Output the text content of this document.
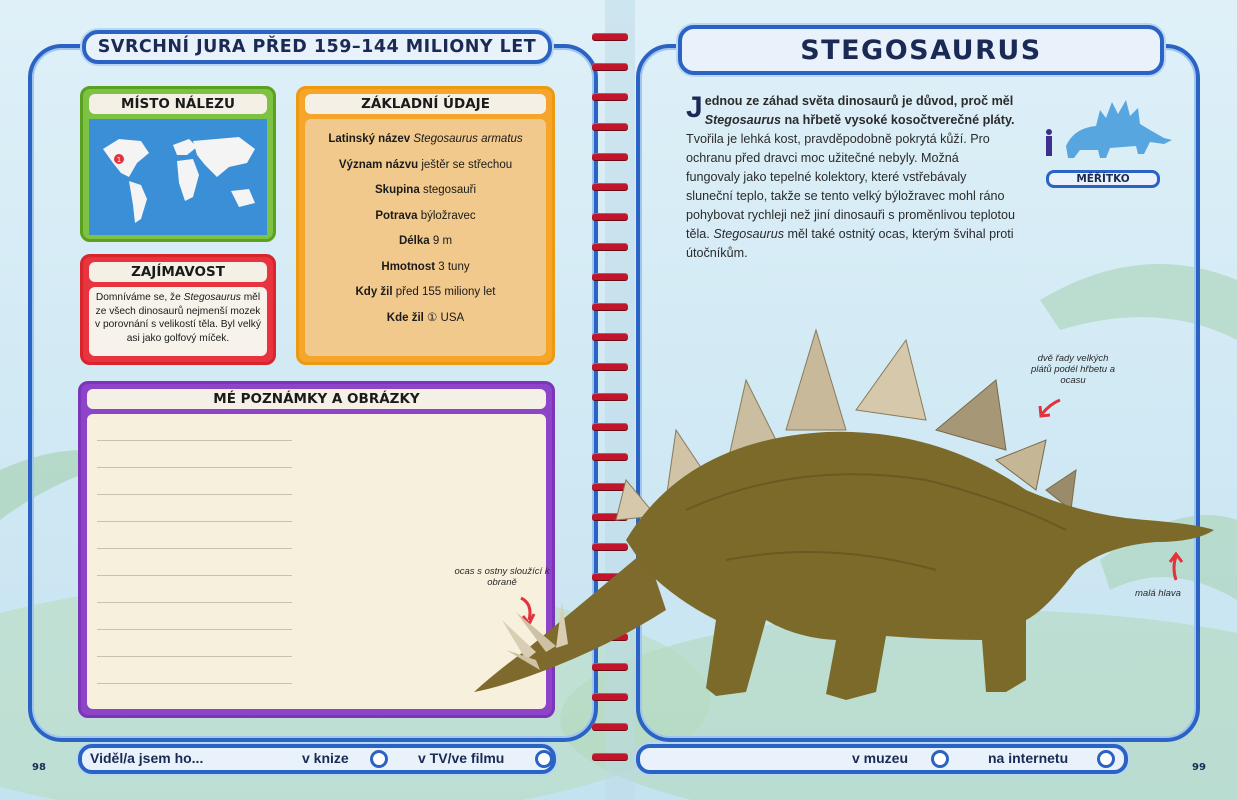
SVRCHNÍ JURA PŘED 159–144 MILIONY LET	STEGOSAURUS
MÍSTO NÁLEZU
1
ZÁKLADNÍ ÚDAJE
Latinský název Stegosaurus armatus
Význam názvu ještěr se střechou
Skupina stegosauři
Potrava býložravec
Délka 9 m
Hmotnost 3 tuny
Kdy žil před 155 miliony let
Kde žil ① USA
ZAJÍMAVOST
Domníváme se, že Stegosaurus měl ze všech dinosaurů nejmenší mozek v porovnání s velikostí těla. Byl velký asi jako golfový míček.
MÉ POZNÁMKY A OBRÁZKY
ocas s ostny sloužící k obraně

Jednou ze záhad světa dinosaurů je důvod, proč měl Stegosaurus na hřbetě vysoké kosočtverečné pláty. Tvořila je lehká kost, pravděpodobně pokrytá kůží. Pro ochranu před dravci moc užitečné nebyly. Možná fungovaly jako tepelné kolektory, které vstřebávaly sluneční teplo, takže se tento velký býložravec mohl ráno pohybovat rychleji než jiní dinosauři s proměnlivou teplotou těla. Stegosaurus měl také ostnitý ocas, kterým švihal proti útočníkům.

MĚŘÍTKO
dvě řady velkých plátů podél hřbetu a ocasu
malá hlava
Viděl/a jsem ho...	v knize	v TV/ve filmu	v muzeu	na internetu
98	99
